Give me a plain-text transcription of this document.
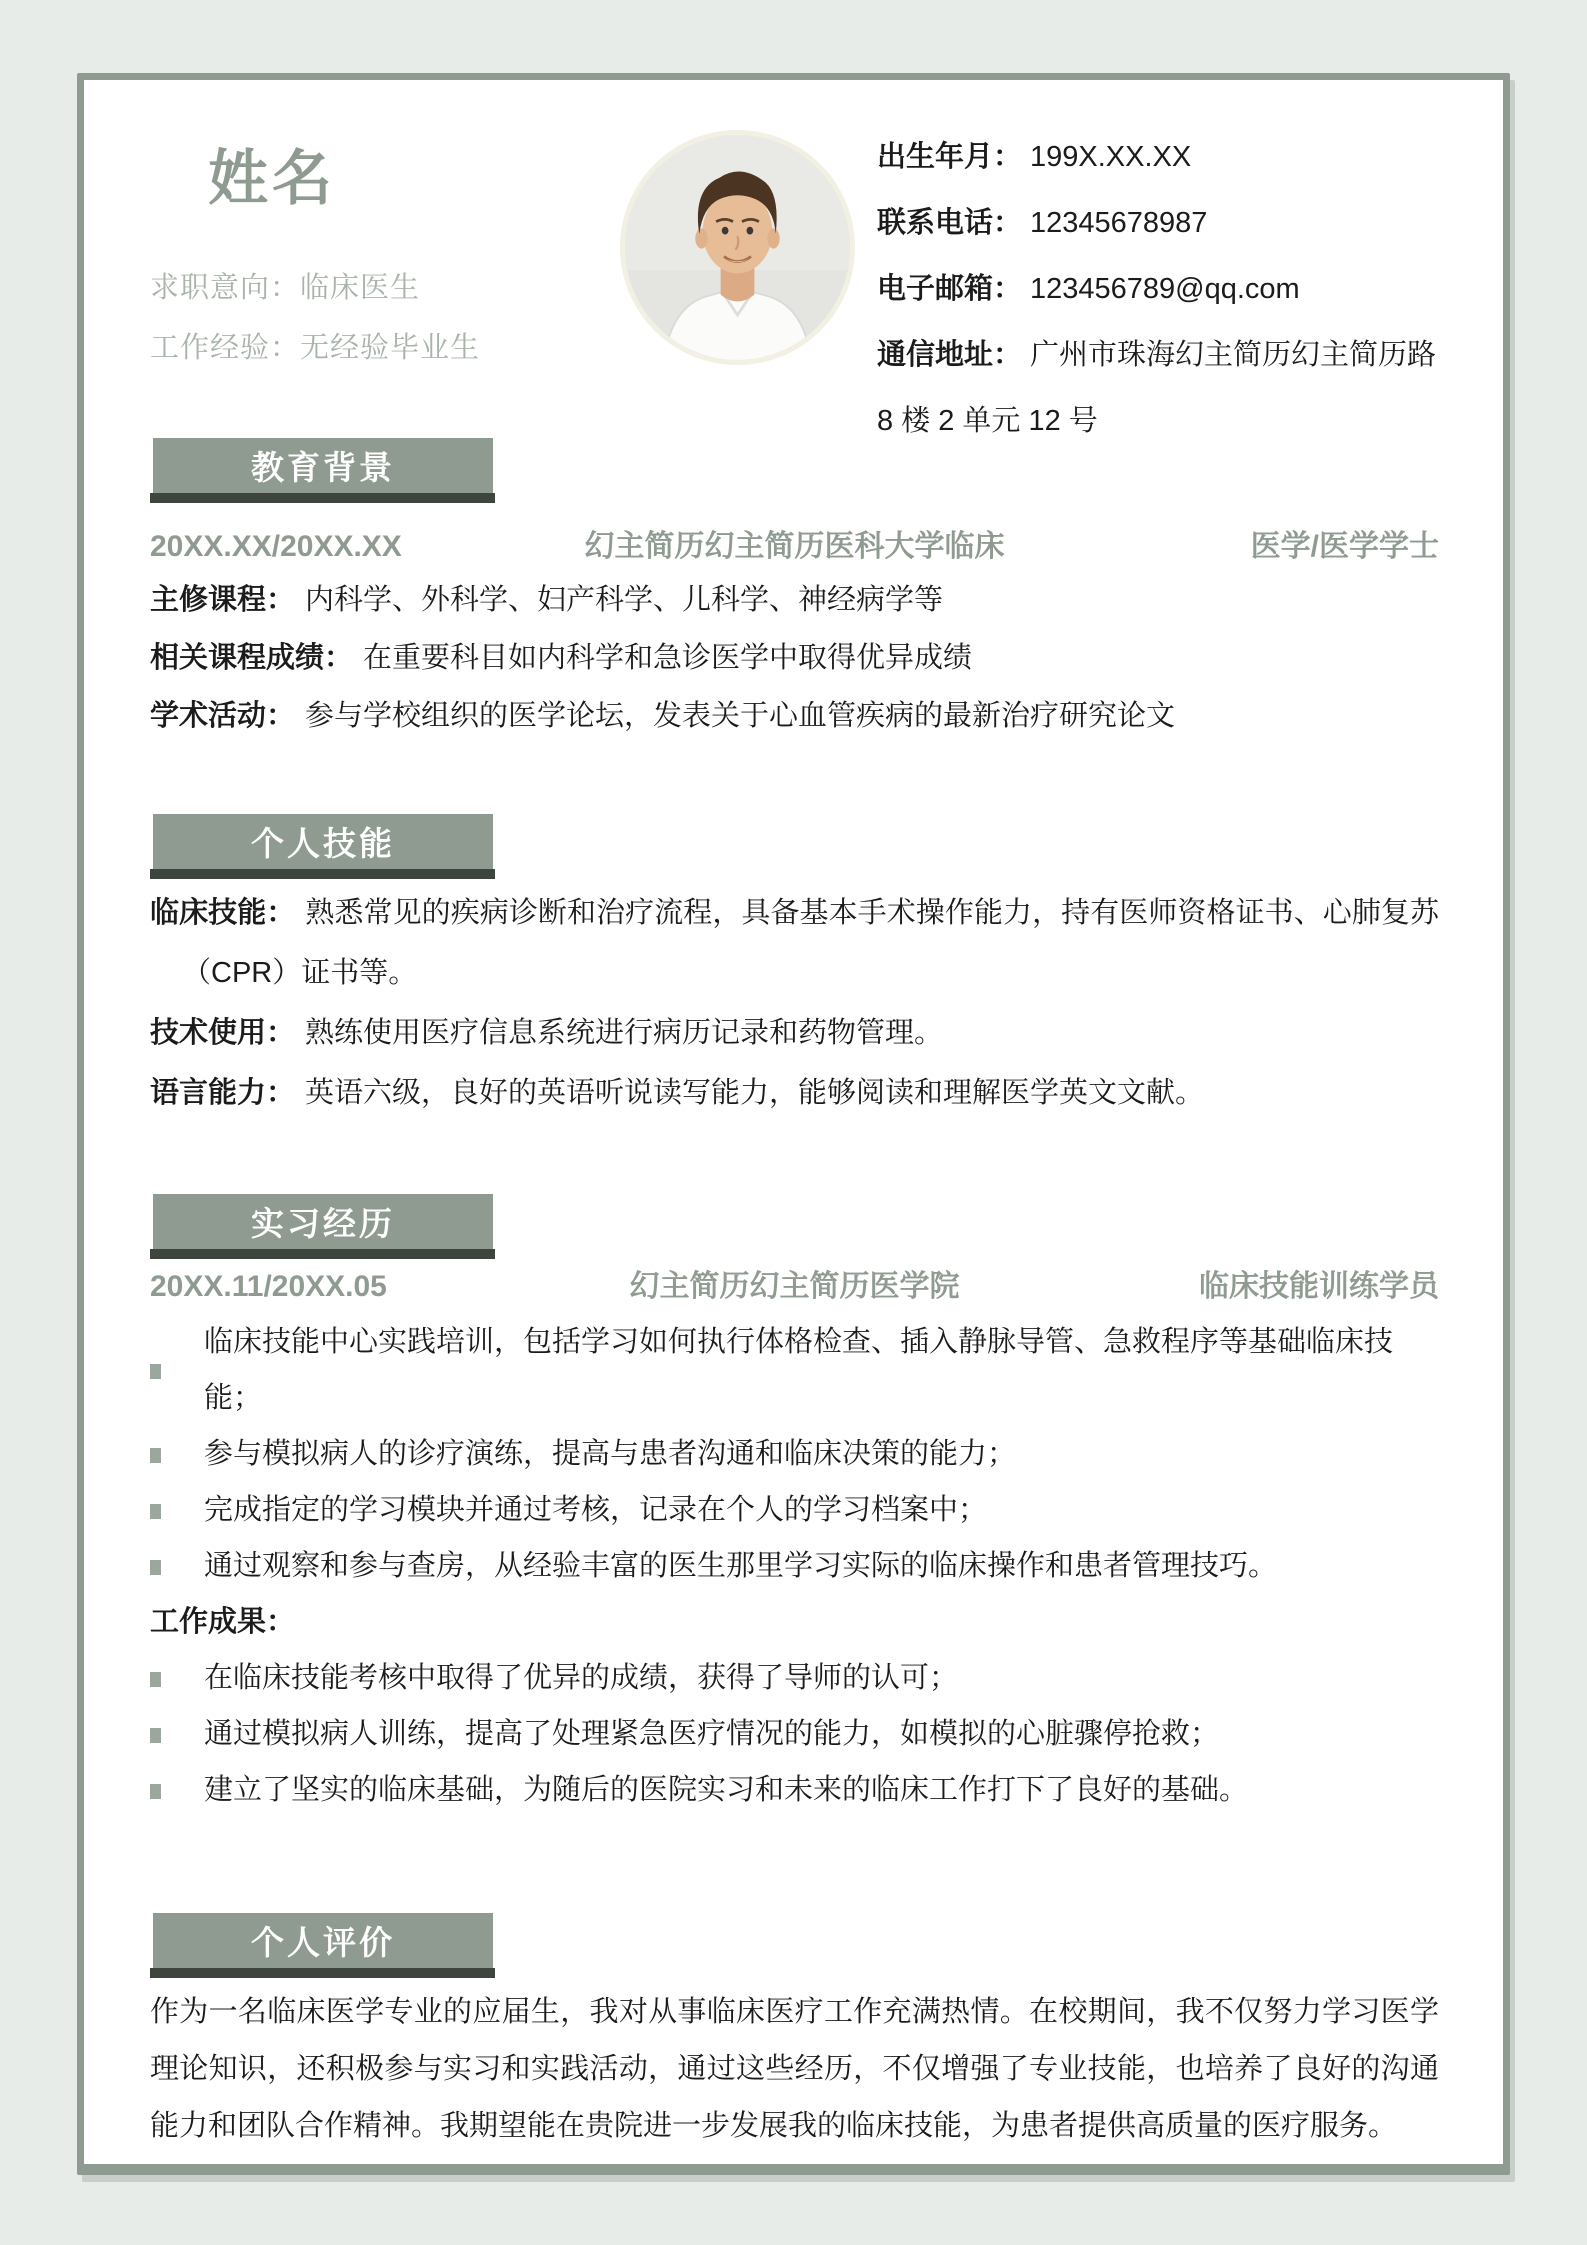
姓名
求职意向：临床医生
工作经验：无经验毕业生
出生年月： 199X.XX.XX
联系电话： 12345678987
电子邮箱： 123456789@qq.com
通信地址： 广州市珠海幻主简历幻主简历路
8 楼 2 单元 12 号
教育背景
20XX.XX/20XX.XX	幻主简历幻主简历医科大学临床	医学/医学学士
主修课程： 内科学、外科学、妇产科学、儿科学、神经病学等
相关课程成绩： 在重要科目如内科学和急诊医学中取得优异成绩
学术活动： 参与学校组织的医学论坛，发表关于心血管疾病的最新治疗研究论文
个人技能
临床技能： 熟悉常见的疾病诊断和治疗流程，具备基本手术操作能力，持有医师资格证书、心肺复苏（CPR）证书等。
技术使用： 熟练使用医疗信息系统进行病历记录和药物管理。
语言能力： 英语六级，良好的英语听说读写能力，能够阅读和理解医学英文文献。
实习经历
20XX.11/20XX.05	幻主简历幻主简历医学院	临床技能训练学员
临床技能中心实践培训，包括学习如何执行体格检查、插入静脉导管、急救程序等基础临床技能；
参与模拟病人的诊疗演练，提高与患者沟通和临床决策的能力；
完成指定的学习模块并通过考核，记录在个人的学习档案中；
通过观察和参与查房，从经验丰富的医生那里学习实际的临床操作和患者管理技巧。
工作成果：
在临床技能考核中取得了优异的成绩，获得了导师的认可；
通过模拟病人训练，提高了处理紧急医疗情况的能力，如模拟的心脏骤停抢救；
建立了坚实的临床基础，为随后的医院实习和未来的临床工作打下了良好的基础。
个人评价
作为一名临床医学专业的应届生，我对从事临床医疗工作充满热情。在校期间，我不仅努力学习医学理论知识，还积极参与实习和实践活动，通过这些经历，不仅增强了专业技能，也培养了良好的沟通能力和团队合作精神。我期望能在贵院进一步发展我的临床技能，为患者提供高质量的医疗服务。
